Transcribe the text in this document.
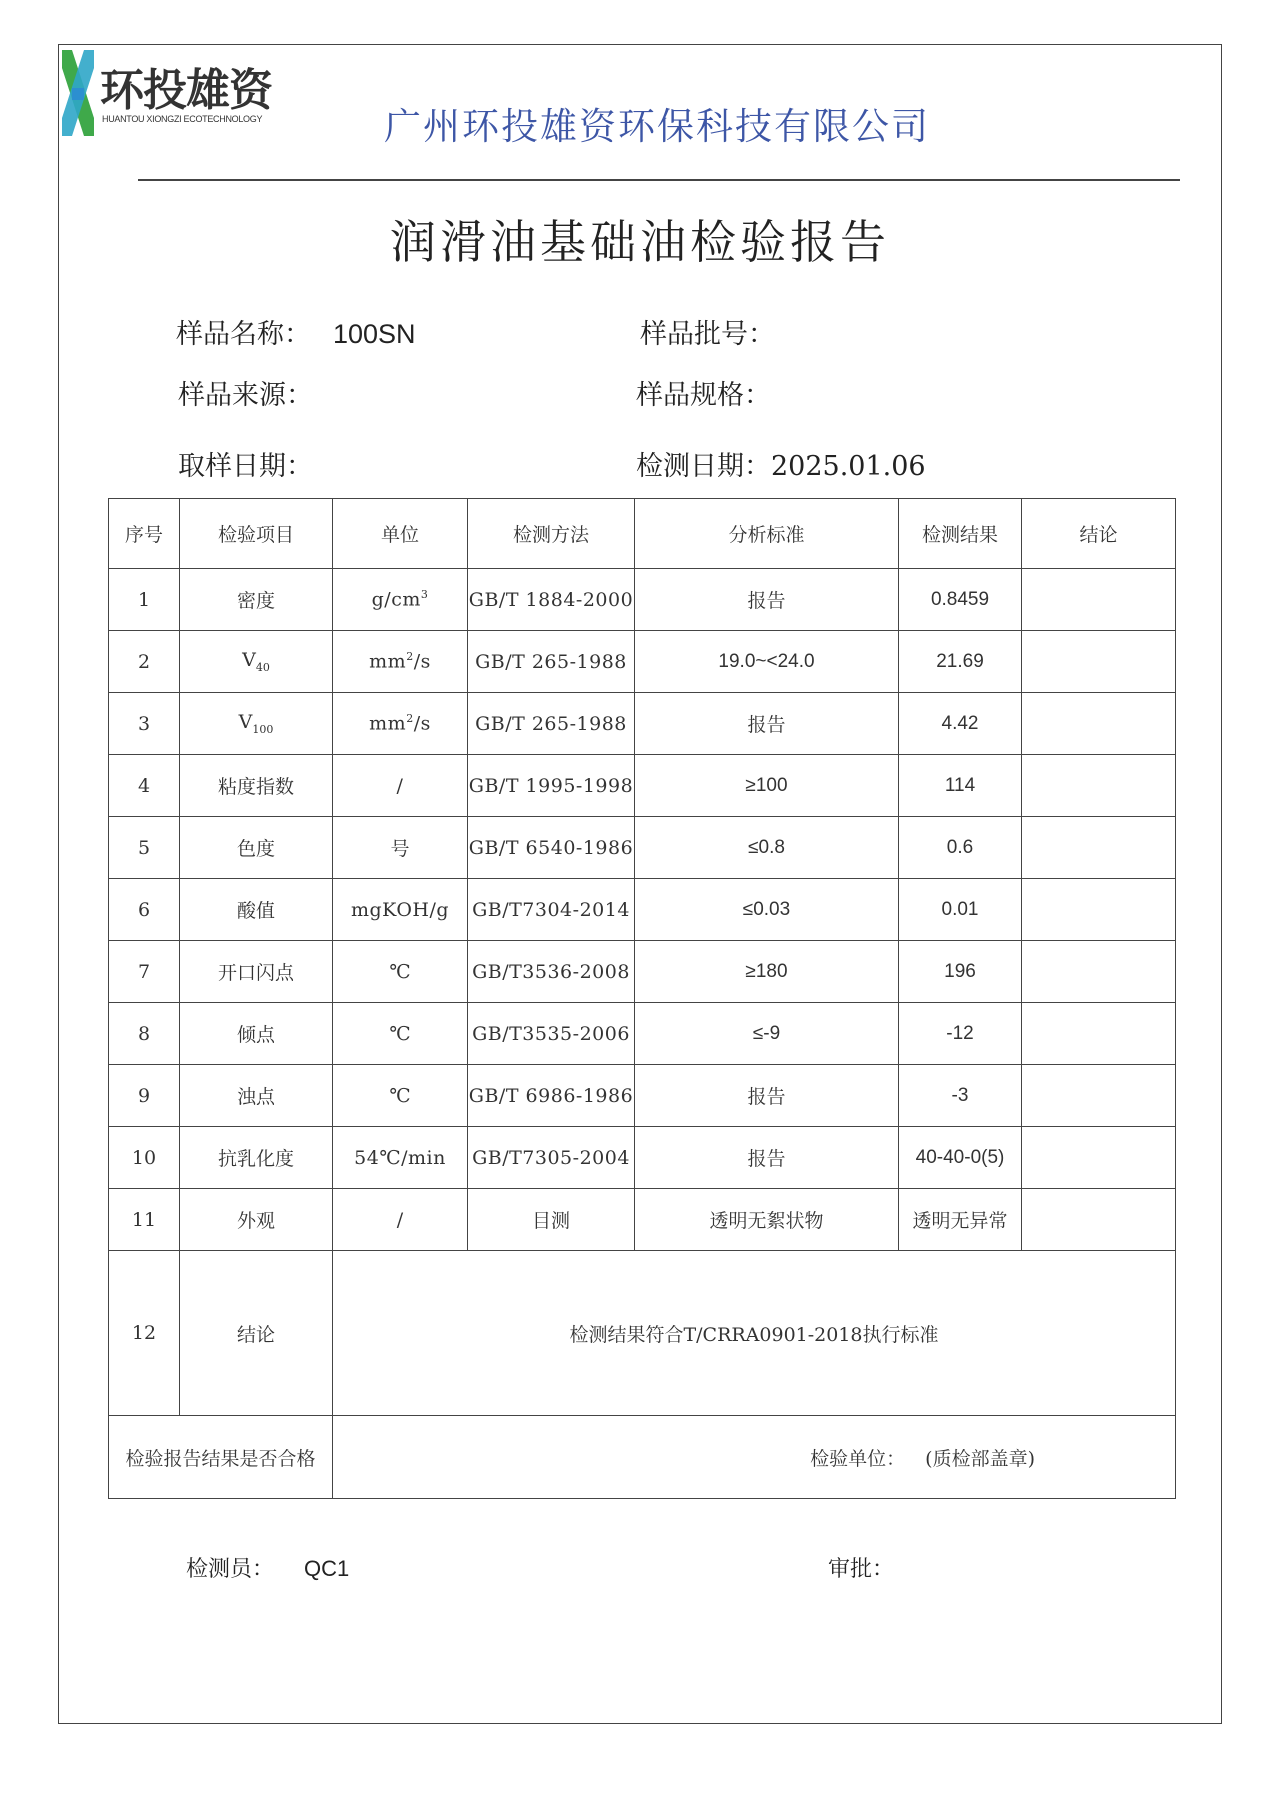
环投雄资
HUANTOU XIONGZI ECOTECHNOLOGY	广州环投雄资环保科技有限公司
润滑油基础油检验报告
样品名称： 100SN	样品批号：
样品来源：	样品规格：
取样日期：	检测日期：2025.01.06
序号	检验项目	单位	检测方法	分析标准	检测结果	结论
1	密度	$g/cm^3$	GB/T 1884-2000	报告	0.8459	
2	$V_{40}$	$mm^2/s$	GB/T 265-1988	19.0~<24.0	21.69	
3	$V_{100}$	$mm^2/s$	GB/T 265-1988	报告	4.42	
4	粘度指数	/	GB/T 1995-1998	≥100	114	
5	色度	号	GB/T 6540-1986	≤0.8	0.6	
6	酸值	mgKOH/g	GB/T7304-2014	≤0.03	0.01	
7	开口闪点	℃	GB/T3536-2008	≥180	196	
8	倾点	℃	GB/T3535-2006	≤-9	-12	
9	浊点	℃	GB/T 6986-1986	报告	-3	
10	抗乳化度	54℃/min	GB/T7305-2004	报告	40-40-0(5)	
11	外观	/	目测	透明无絮状物	透明无异常	
12	结论	检测结果符合T/CRRA0901-2018执行标准				
检验报告结果是否合格		检验单位： (质检部盖章)				
检测员： QC1	审批：
